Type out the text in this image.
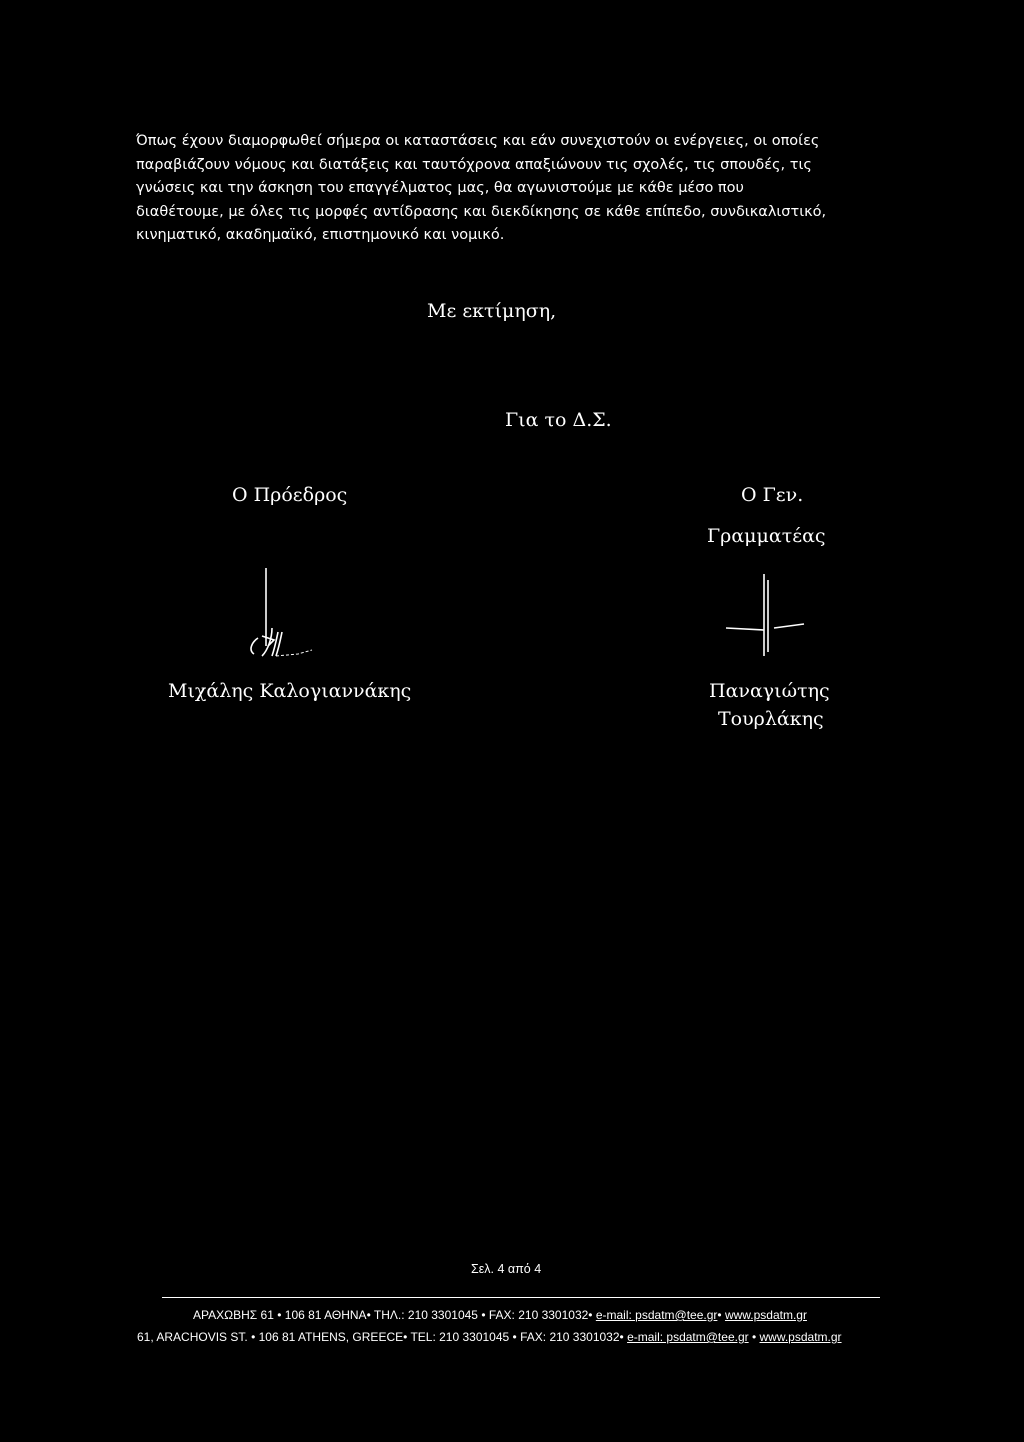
Όπως έχουν διαμορφωθεί σήμερα οι καταστάσεις και εάν συνεχιστούν οι ενέργειες, οι οποίες
παραβιάζουν νόμους και διατάξεις και ταυτόχρονα απαξιώνουν τις σχολές, τις σπουδές, τις
γνώσεις και την άσκηση του επαγγέλματος μας, θα αγωνιστούμε με κάθε μέσο που
διαθέτουμε, με όλες τις μορφές αντίδρασης και διεκδίκησης σε κάθε επίπεδο, συνδικαλιστικό,
κινηματικό, ακαδημαϊκό, επιστημονικό και νομικό.

Με εκτίμηση,
Για το Δ.Σ.
Ο Πρόεδρος	Ο Γεν.
Γραμματέας
Μιχάλης Καλογιαννάκης	Παναγιώτης
Τουρλάκης
Σελ. 4 από 4
ΑΡΑΧΩΒΗΣ 61 • 106 81 ΑΘΗΝΑ• ΤΗΛ.: 210 3301045 • FAX: 210 3301032• e-mail: psdatm@tee.gr• www.psdatm.gr
61, ARACHOVIS ST. • 106 81 ATHENS, GREECE• TEL: 210 3301045 • FAX: 210 3301032• e-mail: psdatm@tee.gr • www.psdatm.gr
